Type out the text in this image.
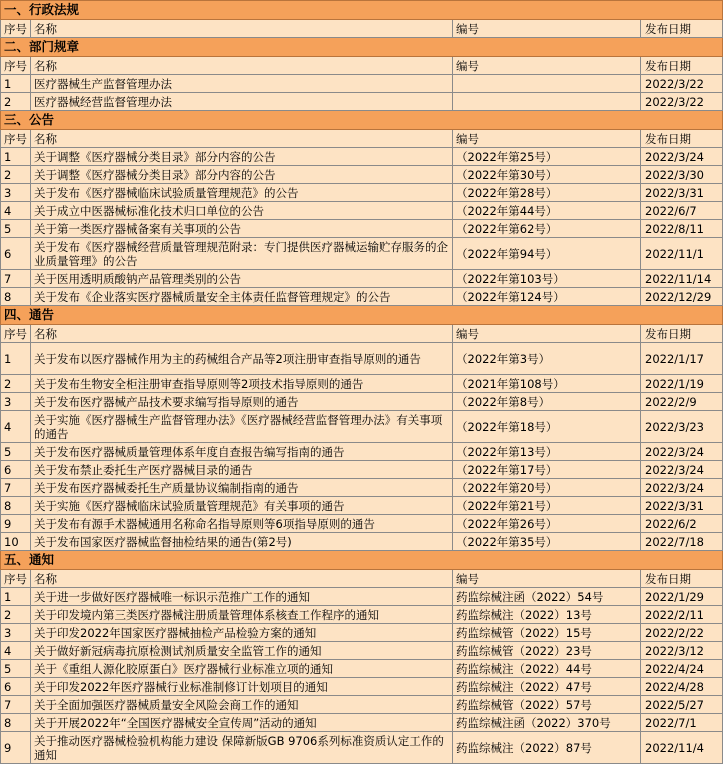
一、行政法规			
序号	名称	编号	发布日期
二、部门规章			
序号	名称	编号	发布日期
1	医疗器械生产监督管理办法		2022/3/22
2	医疗器械经营监督管理办法		2022/3/22
三、公告			
序号	名称	编号	发布日期
1	关于调整《医疗器械分类目录》部分内容的公告	（2022年第25号）	2022/3/24
2	关于调整《医疗器械分类目录》部分内容的公告	（2022年第30号）	2022/3/30
3	关于发布《医疗器械临床试验质量管理规范》的公告	（2022年第28号）	2022/3/31
4	关于成立中医器械标准化技术归口单位的公告	（2022年第44号）	2022/6/7
5	关于第一类医疗器械备案有关事项的公告	（2022年第62号）	2022/8/11
6	关于发布《医疗器械经营质量管理规范附录：专门提供医疗器械运输贮存服务的企业质量管理》的公告	（2022年第94号）	2022/11/1
7	关于医用透明质酸钠产品管理类别的公告	（2022年第103号）	2022/11/14
8	关于发布《企业落实医疗器械质量安全主体责任监督管理规定》的公告	（2022年第124号）	2022/12/29
四、通告			
序号	名称	编号	发布日期
1	关于发布以医疗器械作用为主的药械组合产品等2项注册审查指导原则的通告	（2022年第3号）	2022/1/17
2	关于发布生物安全柜注册审查指导原则等2项技术指导原则的通告	（2021年第108号）	2022/1/19
3	关于发布医疗器械产品技术要求编写指导原则的通告	（2022年第8号）	2022/2/9
4	关于实施《医疗器械生产监督管理办法》《医疗器械经营监督管理办法》有关事项的通告	（2022年第18号）	2022/3/23
5	关于发布医疗器械质量管理体系年度自查报告编写指南的通告	（2022年第13号）	2022/3/24
6	关于发布禁止委托生产医疗器械目录的通告	（2022年第17号）	2022/3/24
7	关于发布医疗器械委托生产质量协议编制指南的通告	（2022年第20号）	2022/3/24
8	关于实施《医疗器械临床试验质量管理规范》有关事项的通告	（2022年第21号）	2022/3/31
9	关于发布有源手术器械通用名称命名指导原则等6项指导原则的通告	（2022年第26号）	2022/6/2
10	关于发布国家医疗器械监督抽检结果的通告(第2号)	（2022年第35号）	2022/7/18
五、通知			
序号	名称	编号	发布日期
1	关于进一步做好医疗器械唯一标识示范推广工作的通知	药监综械注函（2022）54号	2022/1/29
2	关于印发境内第三类医疗器械注册质量管理体系核查工作程序的通知	药监综械注（2022）13号	2022/2/11
3	关于印发2022年国家医疗器械抽检产品检验方案的通知	药监综械管（2022）15号	2022/2/22
4	关于做好新冠病毒抗原检测试剂质量安全监管工作的通知	药监综械管（2022）23号	2022/3/12
5	关于《重组人源化胶原蛋白》医疗器械行业标准立项的通知	药监综械注（2022）44号	2022/4/24
6	关于印发2022年医疗器械行业标准制修订计划项目的通知	药监综械注（2022）47号	2022/4/28
7	关于全面加强医疗器械质量安全风险会商工作的通知	药监综械管（2022）57号	2022/5/27
8	关于开展2022年“全国医疗器械安全宣传周”活动的通知	药监综械注函（2022）370号	2022/7/1
9	关于推动医疗器械检验机构能力建设 保障新版GB 9706系列标准资质认定工作的通知	药监综械注（2022）87号	2022/11/4
